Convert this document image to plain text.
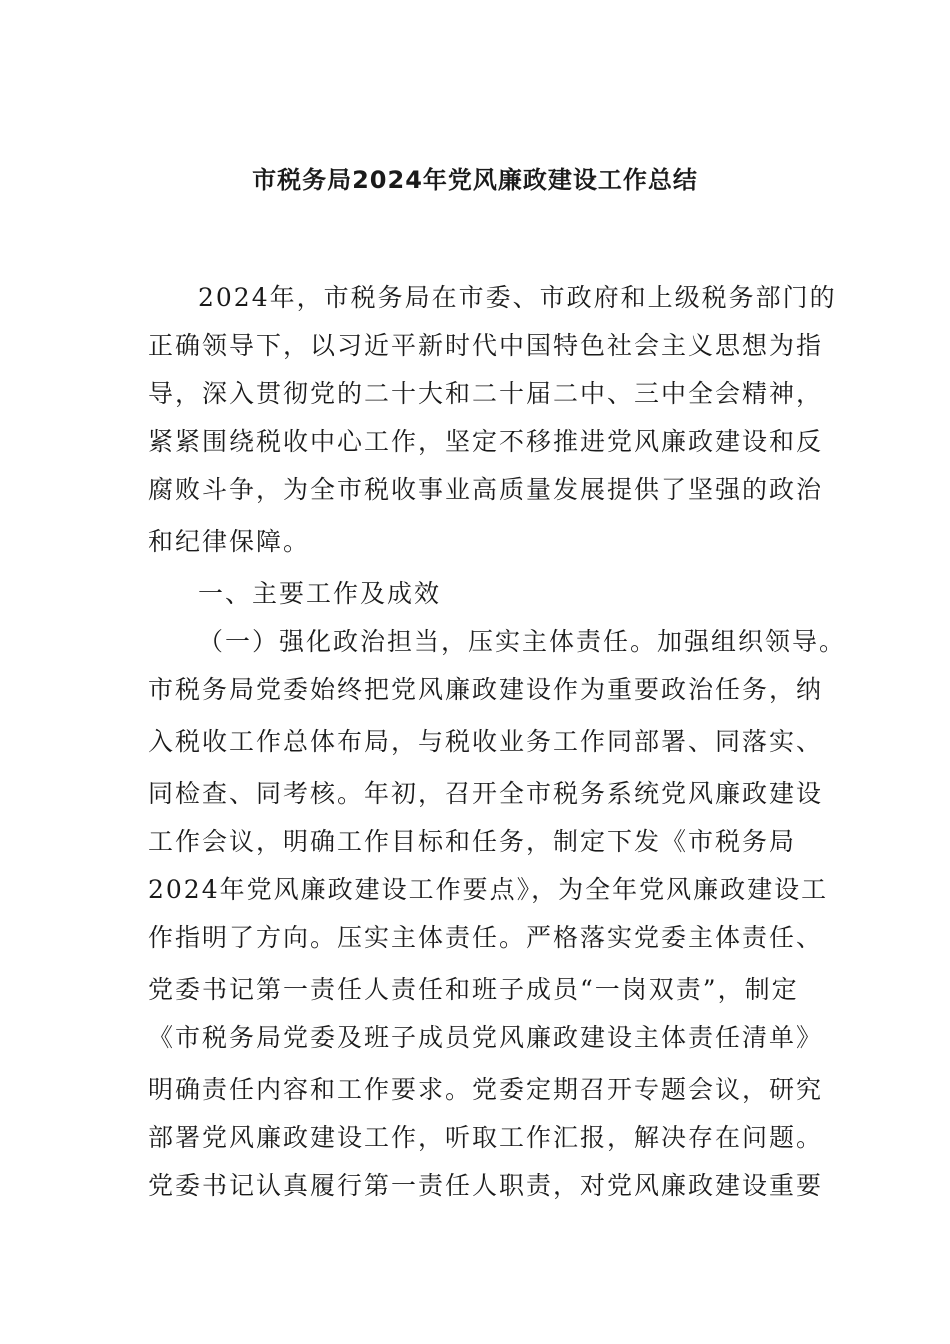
市税务局2024年党风廉政建设工作总结
2024年，市税务局在市委、市政府和上级税务部门的
正确领导下，以习近平新时代中国特色社会主义思想为指
导，深入贯彻党的二十大和二十届二中、三中全会精神，
紧紧围绕税收中心工作，坚定不移推进党风廉政建设和反
腐败斗争，为全市税收事业高质量发展提供了坚强的政治
和纪律保障。
一、主要工作及成效
（一）强化政治担当，压实主体责任。加强组织领导。
市税务局党委始终把党风廉政建设作为重要政治任务，纳
入税收工作总体布局，与税收业务工作同部署、同落实、
同检查、同考核。年初，召开全市税务系统党风廉政建设
工作会议，明确工作目标和任务，制定下发《市税务局
2024年党风廉政建设工作要点》，为全年党风廉政建设工
作指明了方向。压实主体责任。严格落实党委主体责任、
党委书记第一责任人责任和班子成员“一岗双责”，制定
《市税务局党委及班子成员党风廉政建设主体责任清单》
明确责任内容和工作要求。党委定期召开专题会议，研究
部署党风廉政建设工作，听取工作汇报，解决存在问题。
党委书记认真履行第一责任人职责，对党风廉政建设重要
